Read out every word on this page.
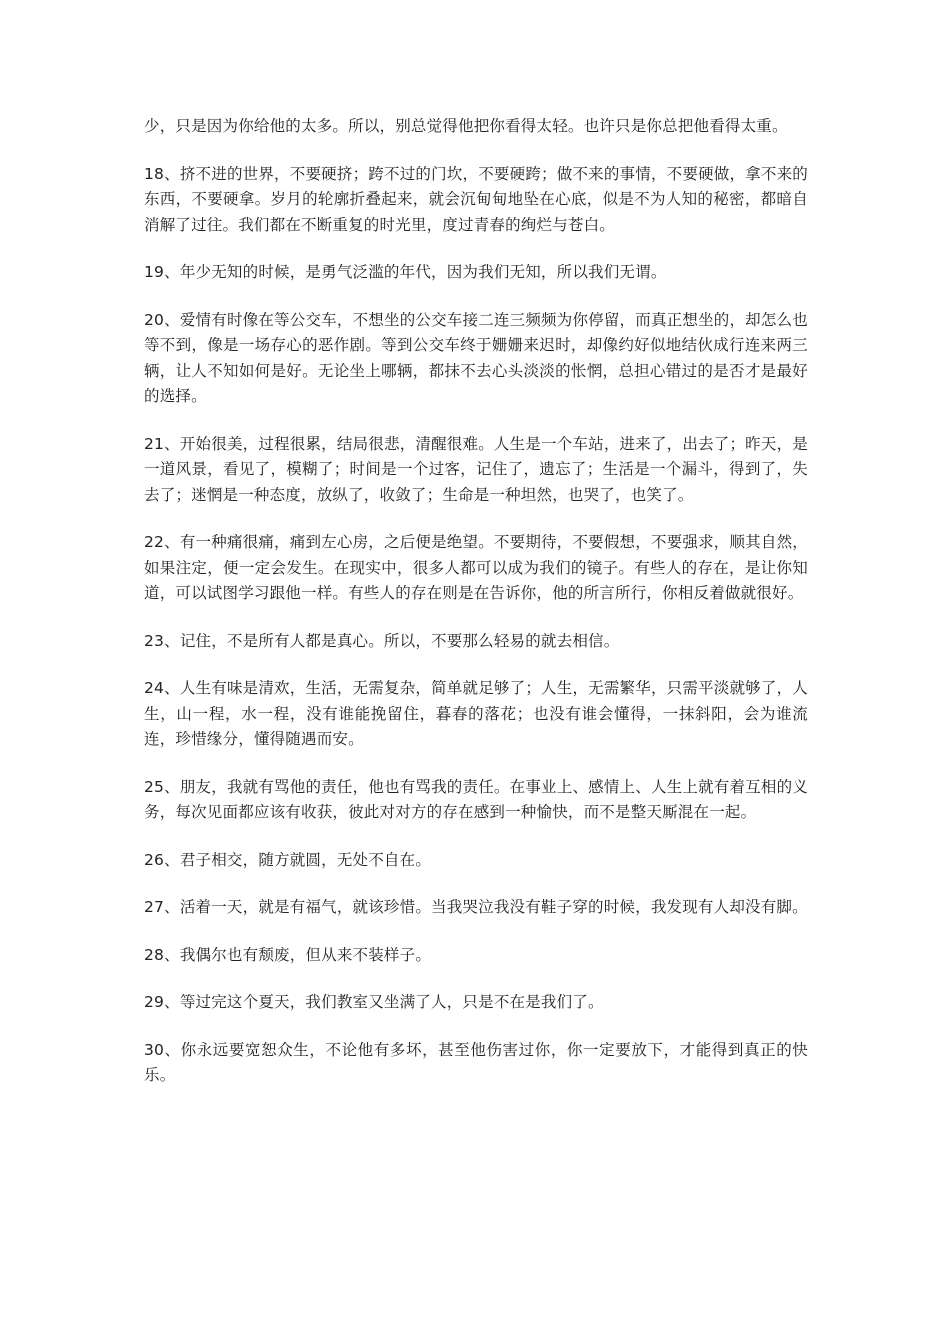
少，只是因为你给他的太多。所以，别总觉得他把你看得太轻。也许只是你总把他看得太重。

18、挤不进的世界，不要硬挤；跨不过的门坎，不要硬跨；做不来的事情，不要硬做，拿不来的东西，不要硬拿。岁月的轮廓折叠起来，就会沉甸甸地坠在心底，似是不为人知的秘密，都暗自消解了过往。我们都在不断重复的时光里，度过青春的绚烂与苍白。

19、年少无知的时候，是勇气泛滥的年代，因为我们无知，所以我们无谓。

20、爱情有时像在等公交车，不想坐的公交车接二连三频频为你停留，而真正想坐的，却怎么也等不到，像是一场存心的恶作剧。等到公交车终于姗姗来迟时，却像约好似地结伙成行连来两三辆，让人不知如何是好。无论坐上哪辆，都抹不去心头淡淡的怅惘，总担心错过的是否才是最好的选择。

21、开始很美，过程很累，结局很悲，清醒很难。人生是一个车站，进来了，出去了；昨天，是一道风景，看见了，模糊了；时间是一个过客，记住了，遗忘了；生活是一个漏斗，得到了，失去了；迷惘是一种态度，放纵了，收敛了；生命是一种坦然，也哭了，也笑了。

22、有一种痛很痛，痛到左心房，之后便是绝望。不要期待，不要假想，不要强求，顺其自然，如果注定，便一定会发生。在现实中，很多人都可以成为我们的镜子。有些人的存在，是让你知道，可以试图学习跟他一样。有些人的存在则是在告诉你，他的所言所行，你相反着做就很好。

23、记住，不是所有人都是真心。所以，不要那么轻易的就去相信。

24、人生有味是清欢，生活，无需复杂，简单就足够了；人生，无需繁华，只需平淡就够了，人生，山一程，水一程，没有谁能挽留住，暮春的落花；也没有谁会懂得，一抹斜阳，会为谁流连，珍惜缘分，懂得随遇而安。

25、朋友，我就有骂他的责任，他也有骂我的责任。在事业上、感情上、人生上就有着互相的义务，每次见面都应该有收获，彼此对对方的存在感到一种愉快，而不是整天厮混在一起。

26、君子相交，随方就圆，无处不自在。

27、活着一天，就是有福气，就该珍惜。当我哭泣我没有鞋子穿的时候，我发现有人却没有脚。

28、我偶尔也有颓废，但从来不装样子。

29、等过完这个夏天，我们教室又坐满了人，只是不在是我们了。

30、你永远要宽恕众生，不论他有多坏，甚至他伤害过你，你一定要放下，才能得到真正的快乐。
